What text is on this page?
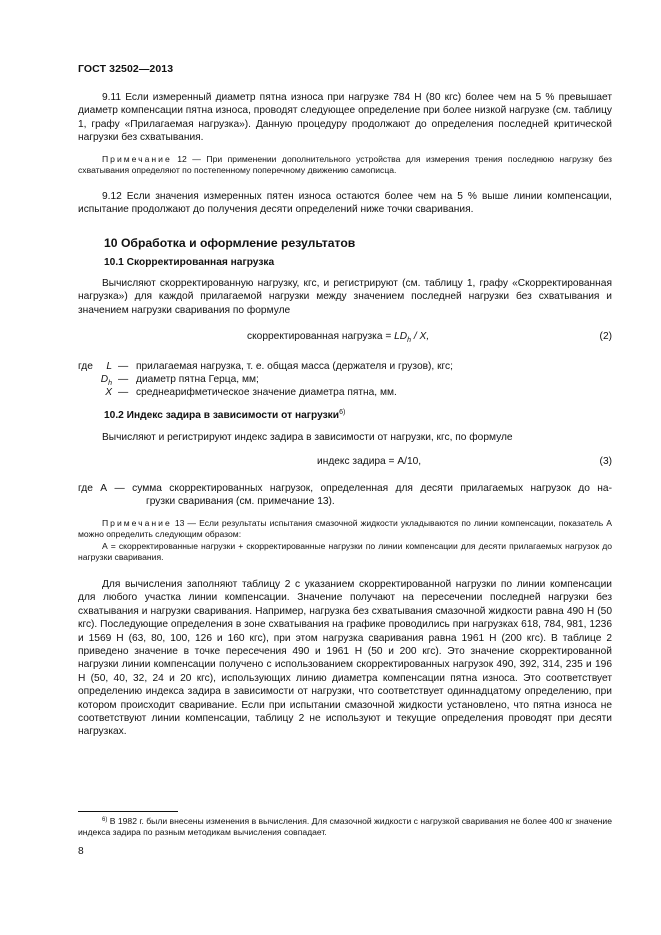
ГОСТ 32502—2013
9.11 Если измеренный диаметр пятна износа при нагрузке 784 Н (80 кгс) более чем на 5 % превышает диаметр компенсации пятна износа, проводят следующее определение при более низкой нагрузке (см. таблицу 1, графу «Прилагаемая нагрузка»). Данную процедуру продолжают до определения последней критической нагрузки без схватывания.
Примечание 12 — При применении дополнительного устройства для измерения трения последнюю нагрузку без схватывания определяют по постепенному поперечному движению самописца.
9.12 Если значения измеренных пятен износа остаются более чем на 5 % выше линии компенсации, испытание продолжают до получения десяти определений ниже точки сваривания.
10 Обработка и оформление результатов
10.1 Скорректированная нагрузка
Вычисляют скорректированную нагрузку, кгс, и регистрируют (см. таблицу 1, графу «Скорректированная нагрузка») для каждой прилагаемой нагрузки между значением последней нагрузки без схватывания и значением нагрузки сваривания по формуле
скорректированная нагрузка = $LD_h$ / X,	(2)
где	L — прилагаемая нагрузка, т. е. общая масса (держателя и грузов), кгс;
$D_h$ — диаметр пятна Герца, мм;
X — среднеарифметическое значение диаметра пятна, мм.
10.2 Индекс задира в зависимости от нагрузки$^{6)}$
Вычисляют и регистрируют индекс задира в зависимости от нагрузки, кгс, по формуле
индекс задира = A/10,	(3)
где А — сумма скорректированных нагрузок, определенная для десяти прилагаемых нагрузок до на-
грузки сваривания (см. примечание 13).
Примечание 13 — Если результаты испытания смазочной жидкости укладываются по линии компенсации, показатель А можно определить следующим образом:
А = скорректированные нагрузки + скорректированные нагрузки по линии компенсации для десяти прилагаемых нагрузок до нагрузки сваривания.
Для вычисления заполняют таблицу 2 с указанием скорректированной нагрузки по линии компенсации для любого участка линии компенсации. Значение получают на пересечении последней нагрузки без схватывания и нагрузки сваривания. Например, нагрузка без схватывания смазочной жидкости равна 490 Н (50 кгс). Последующие определения в зоне схватывания на графике проводились при нагрузках 618, 784, 981, 1236 и 1569 Н (63, 80, 100, 126 и 160 кгс), при этом нагрузка сваривания равна 1961 Н (200 кгс). В таблице 2 приведено значение в точке пересечения 490 и 1961 Н (50 и 200 кгс). Это значение скорректированной нагрузки линии компенсации получено с использованием скорректированных нагрузок 490, 392, 314, 235 и 196 Н (50, 40, 32, 24 и 20 кгс), использующих линию диаметра компенсации пятна износа. Это соответствует определению индекса задира в зависимости от нагрузки, что соответствует одиннадцатому определению, при котором происходит сваривание. Если при испытании смазочной жидкости установлено, что пятна износа не соответствуют линии компенсации, таблицу 2 не используют и текущие определения проводят при десяти нагрузках.
$^{6)}$ В 1982 г. были внесены изменения в вычисления. Для смазочной жидкости с нагрузкой сваривания не более 400 кг значение индекса задира по разным методикам вычисления совпадает.
8
